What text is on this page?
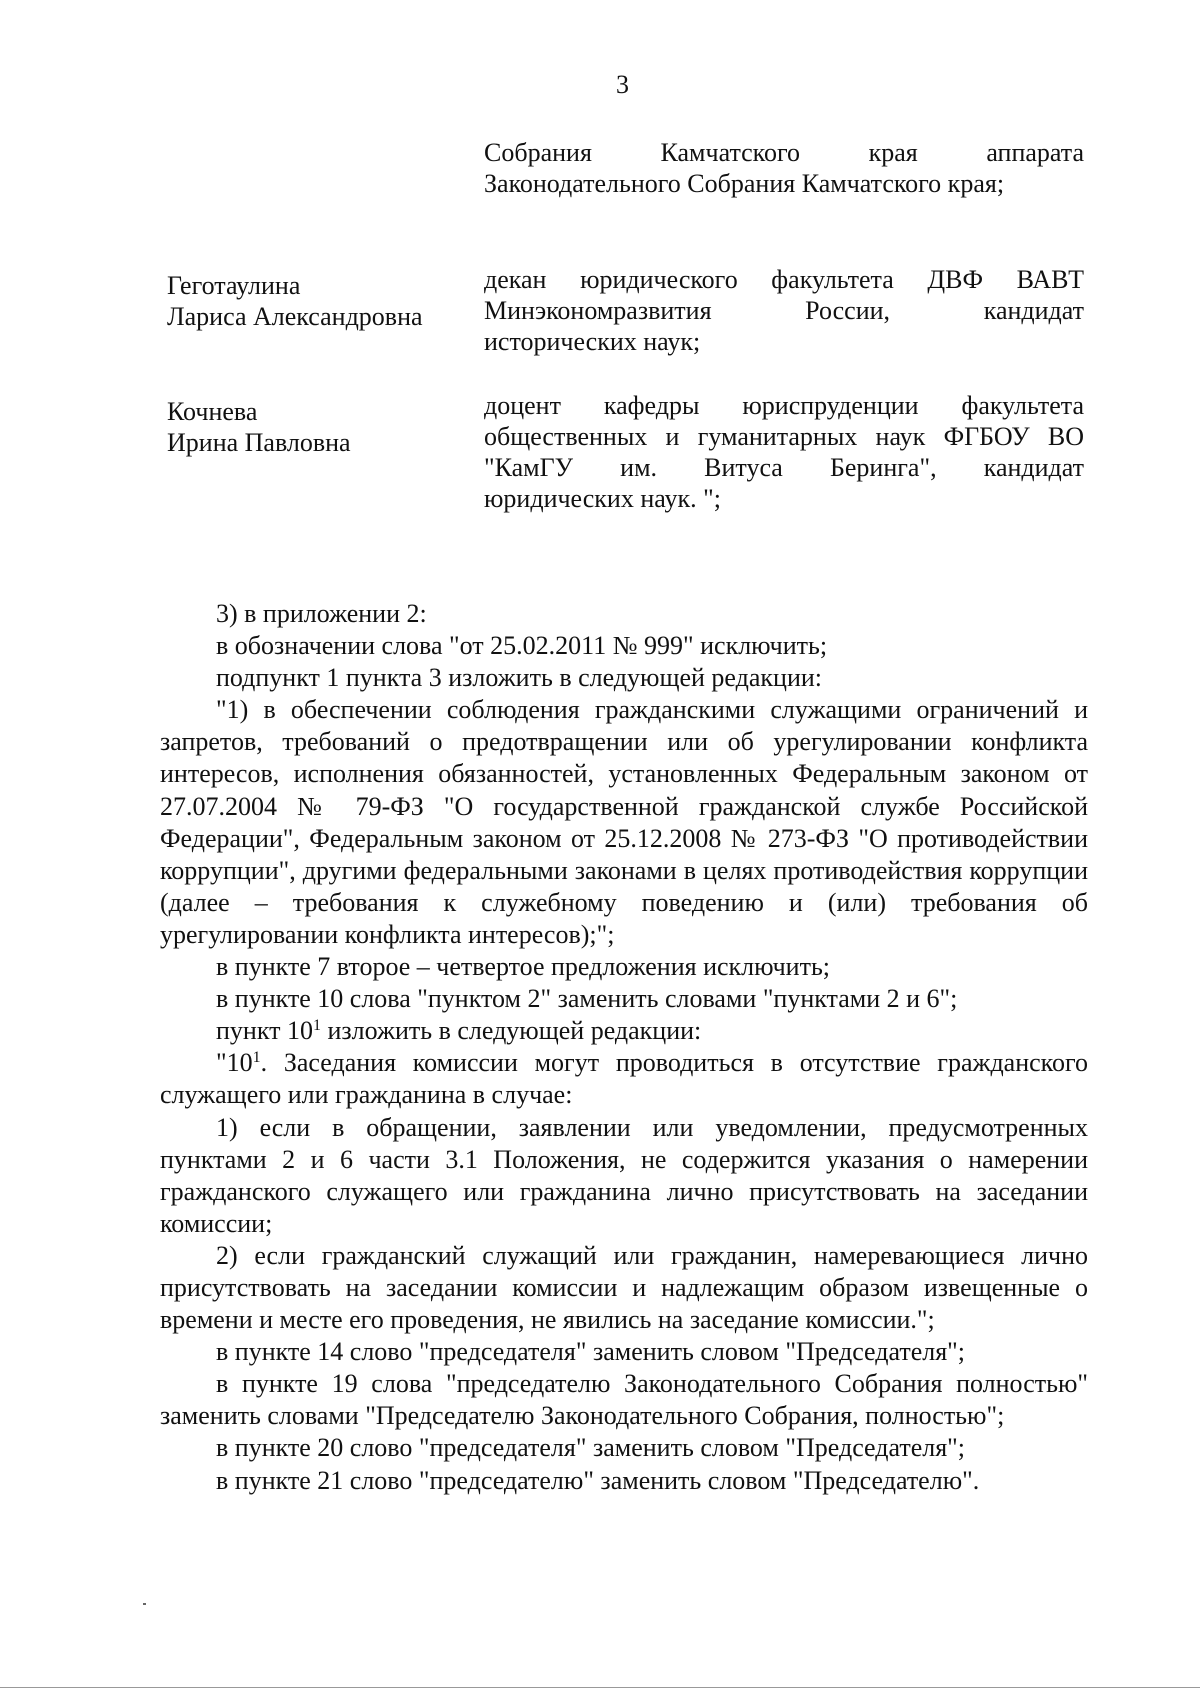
3
Собрания Камчатского края аппарата
Законодательного Собрания Камчатского края;
Геготаулина
Лариса Александровна
декан юридического факультета ДВФ ВАВТ
Минэкономразвития России, кандидат
исторических наук;
Кочнева
Ирина Павловна
доцент кафедры юриспруденции факультета
общественных и гуманитарных наук ФГБОУ ВО
"КамГУ им. Витуса Беринга", кандидат
юридических наук. ";

3) в приложении 2:

в обозначении слова "от 25.02.2011 № 999" исключить;

подпункт 1 пункта 3 изложить в следующей редакции:

"1) в обеспечении соблюдения гражданскими служащими ограничений и запретов, требований о предотвращении или об урегулировании конфликта интересов, исполнения обязанностей, установленных Федеральным законом от 27.07.2004 № 79-ФЗ "О государственной гражданской службе Российской Федерации", Федеральным законом от 25.12.2008 № 273-ФЗ "О противодействии коррупции", другими федеральными законами в целях противодействия коррупции (далее – требования к служебному поведению и (или) требования об урегулировании конфликта интересов);";

в пункте 7 второе – четвертое предложения исключить;

в пункте 10 слова "пунктом 2" заменить словами "пунктами 2 и 6";

пункт $10^1$ изложить в следующей редакции:

"$10^1$. Заседания комиссии могут проводиться в отсутствие гражданского служащего или гражданина в случае:

1) если в обращении, заявлении или уведомлении, предусмотренных пунктами 2 и 6 части 3.1 Положения, не содержится указания о намерении гражданского служащего или гражданина лично присутствовать на заседании комиссии;

2) если гражданский служащий или гражданин, намеревающиеся лично присутствовать на заседании комиссии и надлежащим образом извещенные о времени и месте его проведения, не явились на заседание комиссии.";

в пункте 14 слово "председателя" заменить словом "Председателя";

в пункте 19 слова "председателю Законодательного Собрания полностью" заменить словами "Председателю Законодательного Собрания, полностью";

в пункте 20 слово "председателя" заменить словом "Председателя";

в пункте 21 слово "председателю" заменить словом "Председателю".
